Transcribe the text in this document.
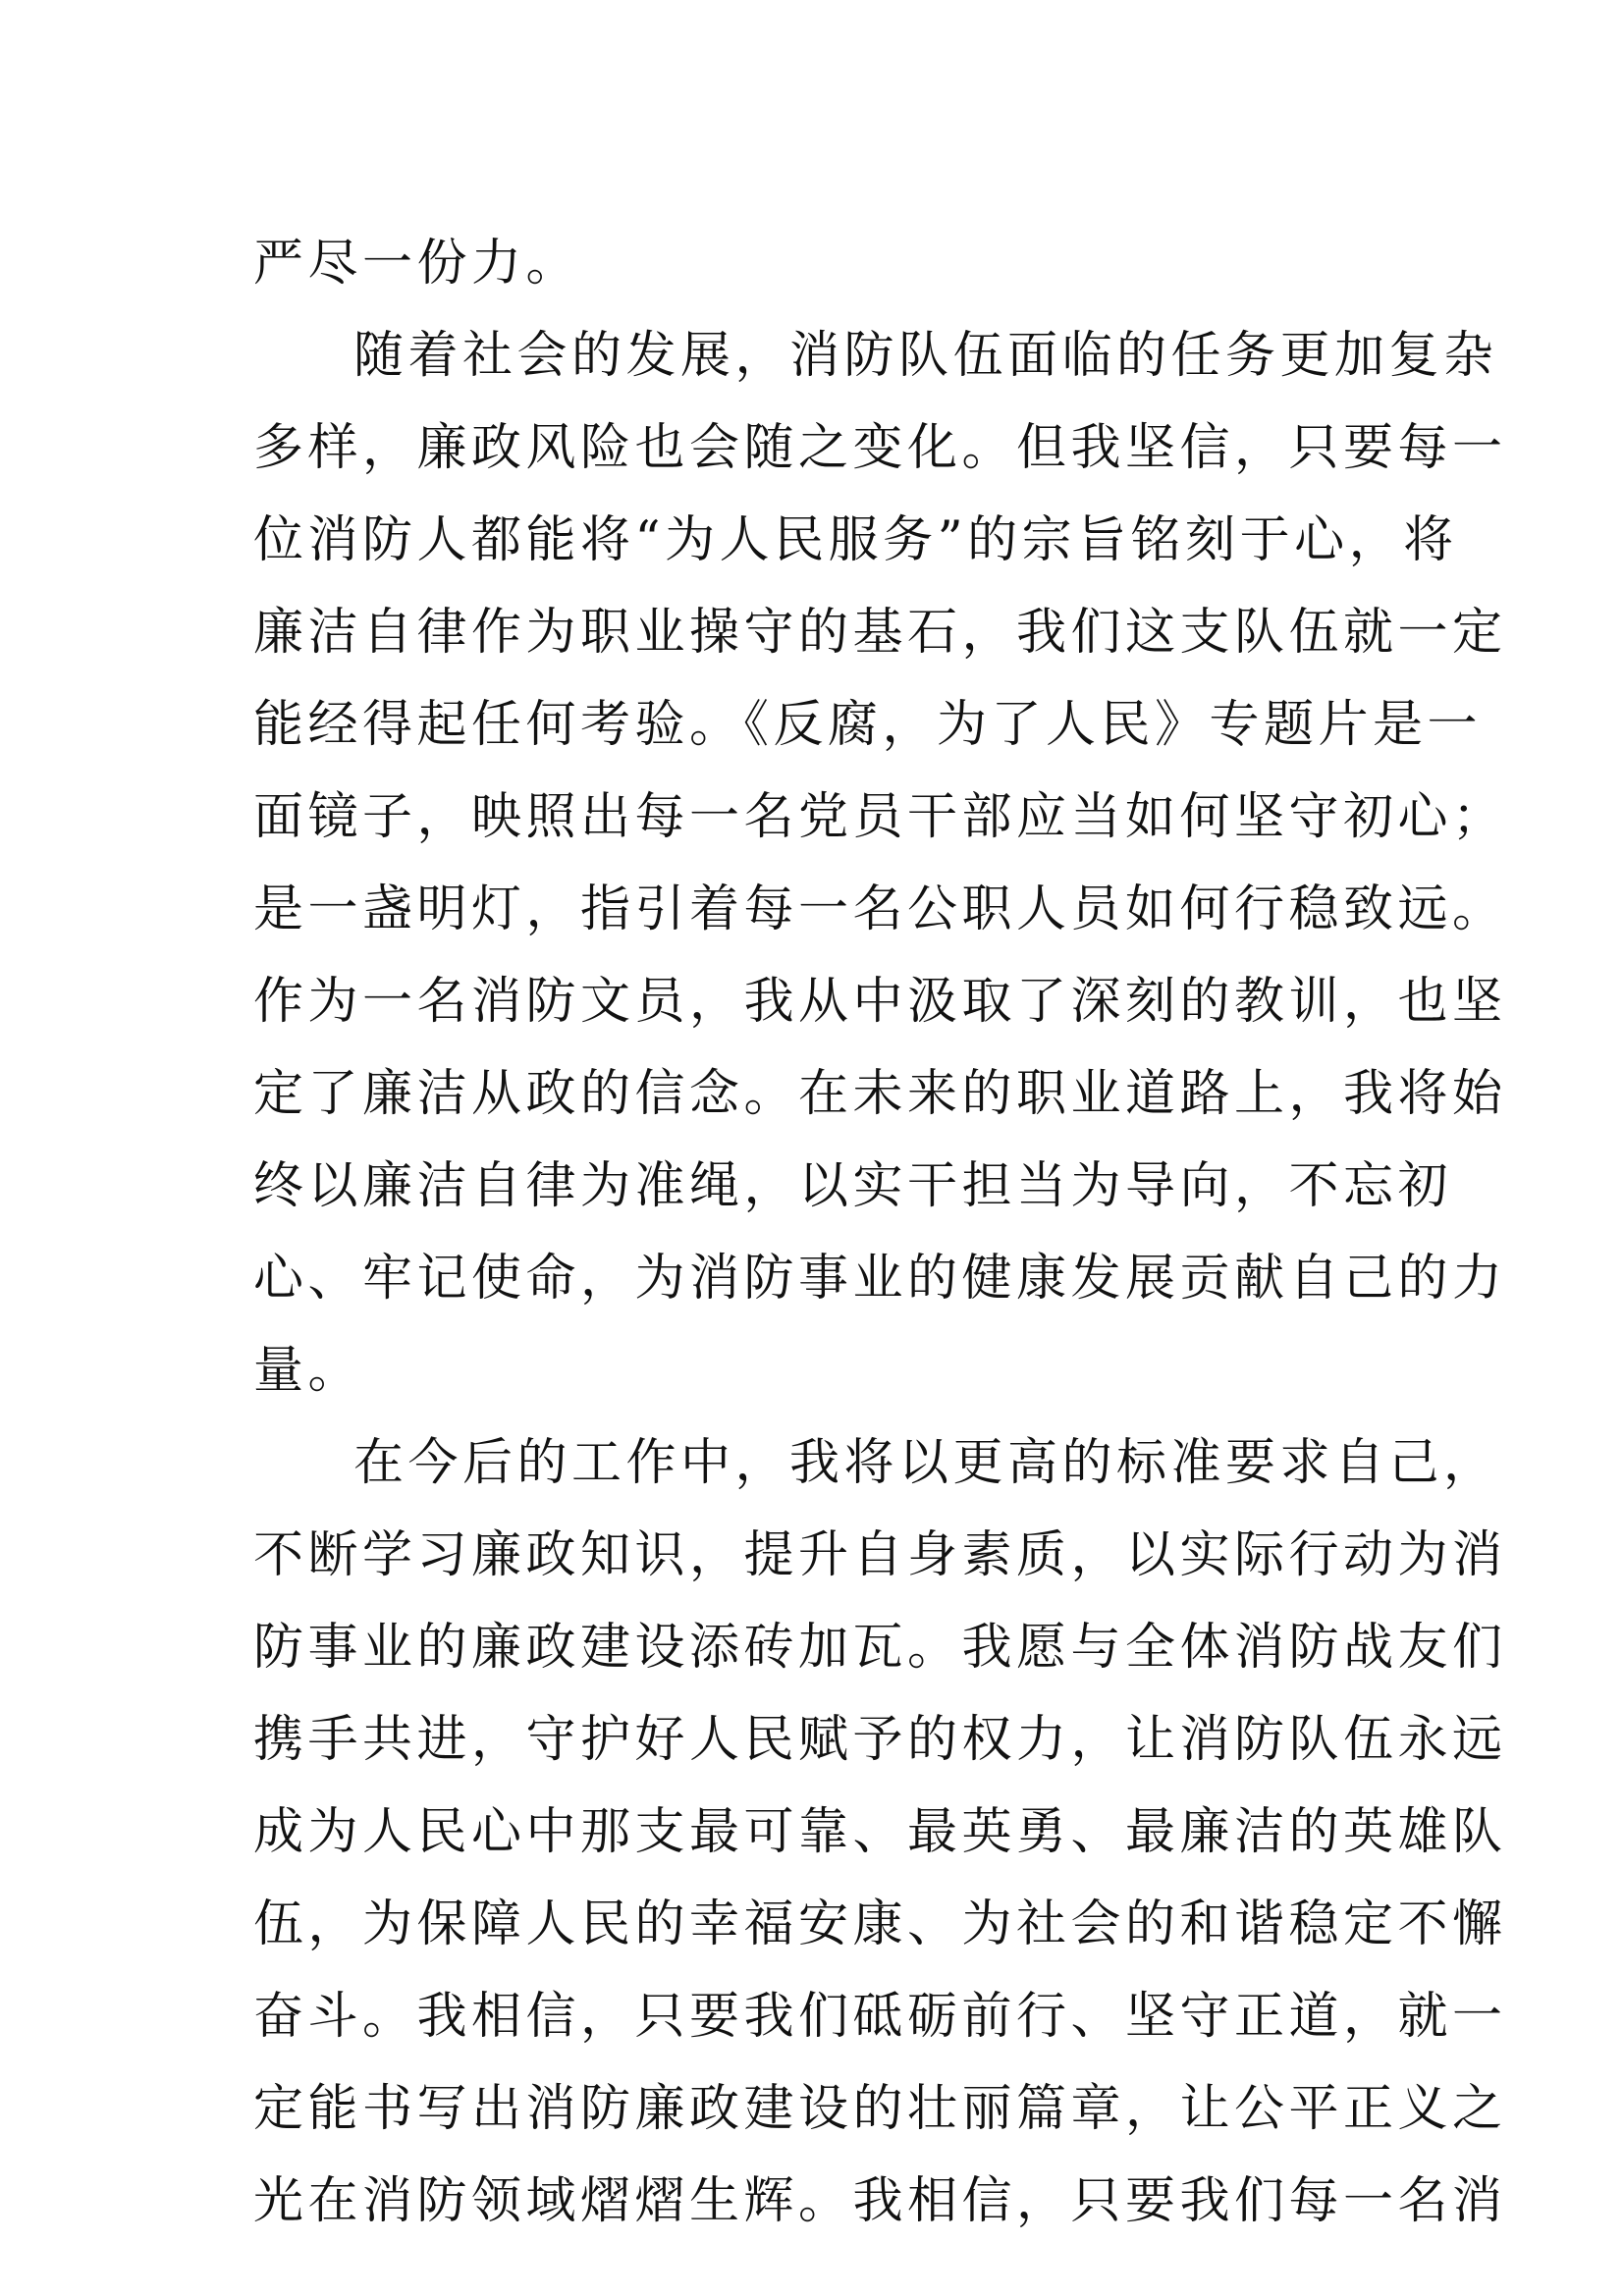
严尽一份力。
随着社会的发展，消防队伍面临的任务更加复杂
多样，廉政风险也会随之变化。但我坚信，只要每一
位消防人都能将“为人民服务”的宗旨铭刻于心，将
廉洁自律作为职业操守的基石，我们这支队伍就一定
能经得起任何考验。《反腐，为了人民》专题片是一
面镜子，映照出每一名党员干部应当如何坚守初心；
是一盏明灯，指引着每一名公职人员如何行稳致远。
作为一名消防文员，我从中汲取了深刻的教训，也坚
定了廉洁从政的信念。在未来的职业道路上，我将始
终以廉洁自律为准绳，以实干担当为导向，不忘初
心、牢记使命，为消防事业的健康发展贡献自己的力
量。
在今后的工作中，我将以更高的标准要求自己，
不断学习廉政知识，提升自身素质，以实际行动为消
防事业的廉政建设添砖加瓦。我愿与全体消防战友们
携手共进，守护好人民赋予的权力，让消防队伍永远
成为人民心中那支最可靠、最英勇、最廉洁的英雄队
伍，为保障人民的幸福安康、为社会的和谐稳定不懈
奋斗。我相信，只要我们砥砺前行、坚守正道，就一
定能书写出消防廉政建设的壮丽篇章，让公平正义之
光在消防领域熠熠生辉。我相信，只要我们每一名消
